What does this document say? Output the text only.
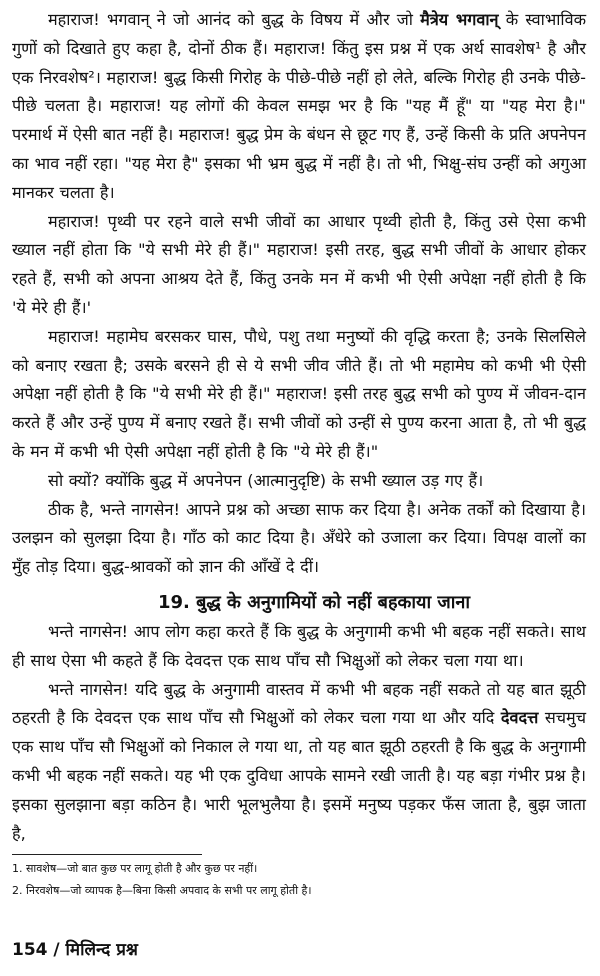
महाराज! भगवान् ने जो आनंद को बुद्ध के विषय में और जो मैत्रेय भगवान् के स्वाभाविक गुणों को दिखाते हुए कहा है, दोनों ठीक हैं। महाराज! किंतु इस प्रश्न में एक अर्थ सावशेष¹ है और एक निरवशेष²। महाराज! बुद्ध किसी गिरोह के पीछे-पीछे नहीं हो लेते, बल्कि गिरोह ही उनके पीछे-पीछे चलता है। महाराज! यह लोगों की केवल समझ भर है कि "यह मैं हूँ" या "यह मेरा है।" परमार्थ में ऐसी बात नहीं है। महाराज! बुद्ध प्रेम के बंधन से छूट गए हैं, उन्हें किसी के प्रति अपनेपन का भाव नहीं रहा। "यह मेरा है" इसका भी भ्रम बुद्ध में नहीं है। तो भी, भिक्षु-संघ उन्हीं को अगुआ मानकर चलता है।

महाराज! पृथ्वी पर रहने वाले सभी जीवों का आधार पृथ्वी होती है, किंतु उसे ऐसा कभी ख्याल नहीं होता कि "ये सभी मेरे ही हैं।" महाराज! इसी तरह, बुद्ध सभी जीवों के आधार होकर रहते हैं, सभी को अपना आश्रय देते हैं, किंतु उनके मन में कभी भी ऐसी अपेक्षा नहीं होती है कि 'ये मेरे ही हैं।'

महाराज! महामेघ बरसकर घास, पौधे, पशु तथा मनुष्यों की वृद्धि करता है; उनके सिलसिले को बनाए रखता है; उसके बरसने ही से ये सभी जीव जीते हैं। तो भी महामेघ को कभी भी ऐसी अपेक्षा नहीं होती है कि "ये सभी मेरे ही हैं।" महाराज! इसी तरह बुद्ध सभी को पुण्य में जीवन-दान करते हैं और उन्हें पुण्य में बनाए रखते हैं। सभी जीवों को उन्हीं से पुण्य करना आता है, तो भी बुद्ध के मन में कभी भी ऐसी अपेक्षा नहीं होती है कि "ये मेरे ही हैं।"

सो क्यों? क्योंकि बुद्ध में अपनेपन (आत्मानुदृष्टि) के सभी ख्याल उड़ गए हैं।

ठीक है, भन्ते नागसेन! आपने प्रश्न को अच्छा साफ कर दिया है। अनेक तर्कों को दिखाया है। उलझन को सुलझा दिया है। गाँठ को काट दिया है। अँधेरे को उजाला कर दिया। विपक्ष वालों का मुँह तोड़ दिया। बुद्ध-श्रावकों को ज्ञान की आँखें दे दीं।

19. बुद्ध के अनुगामियों को नहीं बहकाया जाना

भन्ते नागसेन! आप लोग कहा करते हैं कि बुद्ध के अनुगामी कभी भी बहक नहीं सकते। साथ ही साथ ऐसा भी कहते हैं कि देवदत्त एक साथ पाँच सौ भिक्षुओं को लेकर चला गया था।

भन्ते नागसेन! यदि बुद्ध के अनुगामी वास्तव में कभी भी बहक नहीं सकते तो यह बात झूठी ठहरती है कि देवदत्त एक साथ पाँच सौ भिक्षुओं को लेकर चला गया था और यदि देवदत्त सचमुच एक साथ पाँच सौ भिक्षुओं को निकाल ले गया था, तो यह बात झूठी ठहरती है कि बुद्ध के अनुगामी कभी भी बहक नहीं सकते। यह भी एक दुविधा आपके सामने रखी जाती है। यह बड़ा गंभीर प्रश्न है। इसका सुलझाना बड़ा कठिन है। भारी भूलभुलैया है। इसमें मनुष्य पड़कर फँस जाता है, बुझ जाता है,

1. सावशेष—जो बात कुछ पर लागू होती है और कुछ पर नहीं।

2. निरवशेष—जो व्यापक है—बिना किसी अपवाद के सभी पर लागू होती है।

154 / मिलिन्द प्रश्न
